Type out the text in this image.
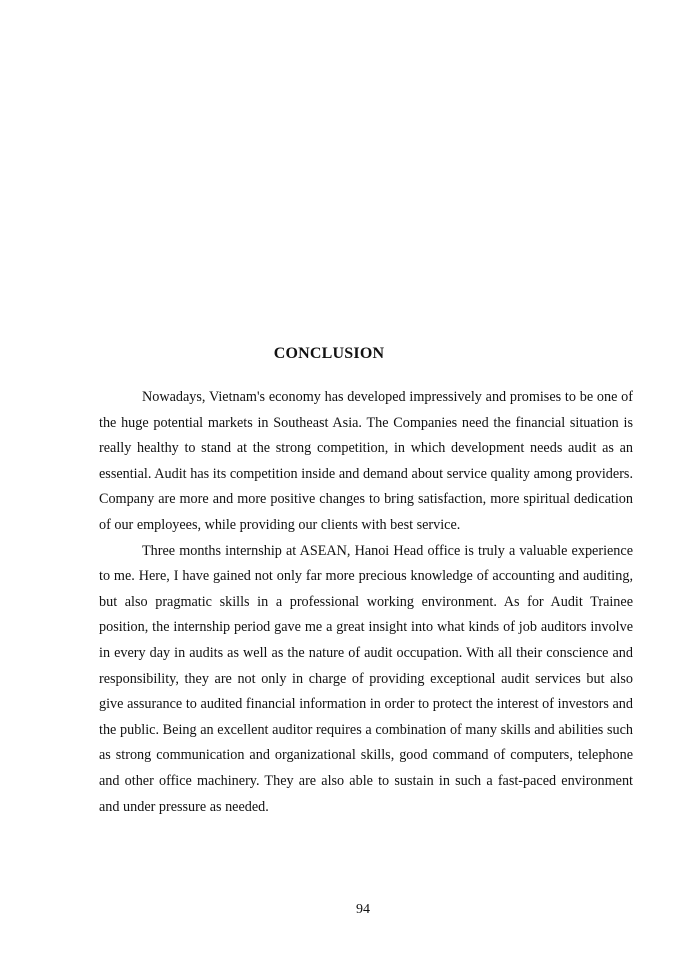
CONCLUSION

Nowadays, Vietnam's economy has developed impressively and promises to be one of the huge potential markets in Southeast Asia. The Companies need the financial situation is really healthy to stand at the strong competition, in which development needs audit as an essential. Audit has its competition inside and demand about service quality among providers. Company are more and more positive changes to bring satisfaction, more spiritual dedication of our employees, while providing our clients with best service.

Three months internship at ASEAN, Hanoi Head office is truly a valuable experience to me. Here, I have gained not only far more precious knowledge of accounting and auditing, but also pragmatic skills in a professional working environment. As for Audit Trainee position, the internship period gave me a great insight into what kinds of job auditors involve in every day in audits as well as the nature of audit occupation. With all their conscience and responsibility, they are not only in charge of providing exceptional audit services but also give assurance to audited financial information in order to protect the interest of investors and the public. Being an excellent auditor requires a combination of many skills and abilities such as strong communication and organizational skills, good command of computers, telephone and other office machinery. They are also able to sustain in such a fast-paced environment and under pressure as needed.

94
